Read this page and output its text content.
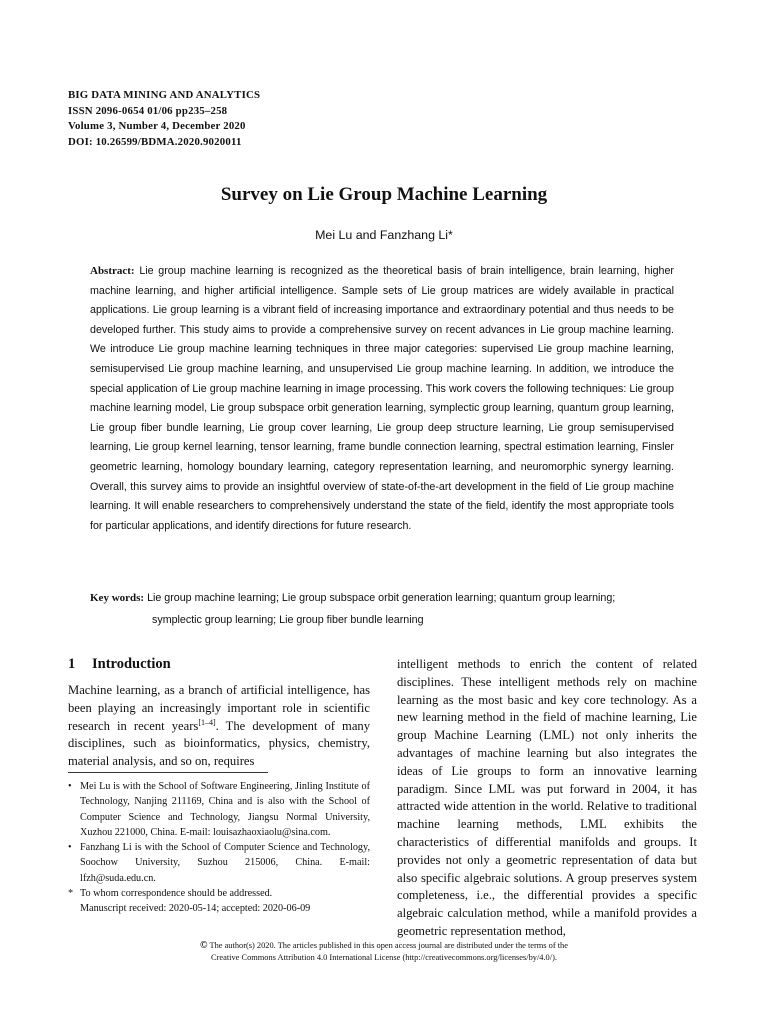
BIG DATA MINING AND ANALYTICS
ISSN 2096-0654 01/06 pp235–258
Volume 3, Number 4, December 2020
DOI: 10.26599/BDMA.2020.9020011
Survey on Lie Group Machine Learning
Mei Lu and Fanzhang Li*
Abstract: Lie group machine learning is recognized as the theoretical basis of brain intelligence, brain learning, higher machine learning, and higher artificial intelligence. Sample sets of Lie group matrices are widely available in practical applications. Lie group learning is a vibrant field of increasing importance and extraordinary potential and thus needs to be developed further. This study aims to provide a comprehensive survey on recent advances in Lie group machine learning. We introduce Lie group machine learning techniques in three major categories: supervised Lie group machine learning, semisupervised Lie group machine learning, and unsupervised Lie group machine learning. In addition, we introduce the special application of Lie group machine learning in image processing. This work covers the following techniques: Lie group machine learning model, Lie group subspace orbit generation learning, symplectic group learning, quantum group learning, Lie group fiber bundle learning, Lie group cover learning, Lie group deep structure learning, Lie group semisupervised learning, Lie group kernel learning, tensor learning, frame bundle connection learning, spectral estimation learning, Finsler geometric learning, homology boundary learning, category representation learning, and neuromorphic synergy learning. Overall, this survey aims to provide an insightful overview of state-of-the-art development in the field of Lie group machine learning. It will enable researchers to comprehensively understand the state of the field, identify the most appropriate tools for particular applications, and identify directions for future research.
Key words: Lie group machine learning; Lie group subspace orbit generation learning; quantum group learning;
symplectic group learning; Lie group fiber bundle learning
1 Introduction
Machine learning, as a branch of artificial intelligence, has been playing an increasingly important role in scientific research in recent years[1–4]. The development of many disciplines, such as bioinformatics, physics, chemistry, material analysis, and so on, requires
intelligent methods to enrich the content of related disciplines. These intelligent methods rely on machine learning as the most basic and key core technology. As a new learning method in the field of machine learning, Lie group Machine Learning (LML) not only inherits the advantages of machine learning but also integrates the ideas of Lie groups to form an innovative learning paradigm. Since LML was put forward in 2004, it has attracted wide attention in the world. Relative to traditional machine learning methods, LML exhibits the characteristics of differential manifolds and groups. It provides not only a geometric representation of data but also specific algebraic solutions. A group preserves system completeness, i.e., the differential provides a specific algebraic calculation method, while a manifold provides a geometric representation method,
• Mei Lu is with the School of Software Engineering, Jinling Institute of Technology, Nanjing 211169, China and is also with the School of Computer Science and Technology, Jiangsu Normal University, Xuzhou 221000, China. E-mail: louisazhaoxiaolu@sina.com.
• Fanzhang Li is with the School of Computer Science and Technology, Soochow University, Suzhou 215006, China. E-mail: lfzh@suda.edu.cn.
* To whom correspondence should be addressed.
Manuscript received: 2020-05-14; accepted: 2020-06-09
© The author(s) 2020. The articles published in this open access journal are distributed under the terms of the
Creative Commons Attribution 4.0 International License (http://creativecommons.org/licenses/by/4.0/).
